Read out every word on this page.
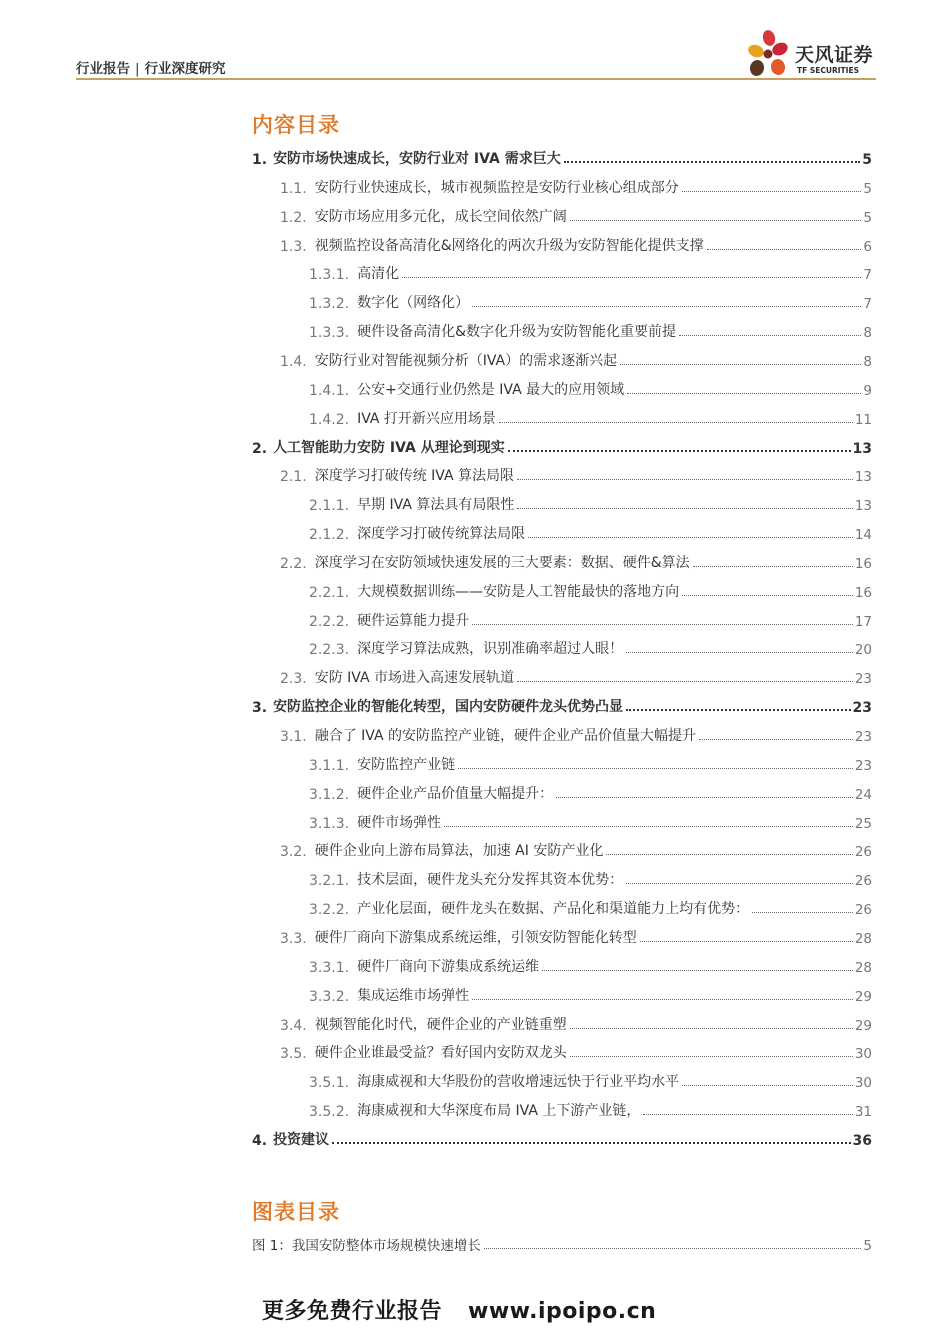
行业报告 | 行业深度研究
天风证券
TF SECURITIES
内容目录
1. 安防市场快速成长，安防行业对 IVA 需求巨大	5
1.1. 安防行业快速成长，城市视频监控是安防行业核心组成部分	5
1.2. 安防市场应用多元化，成长空间依然广阔	5
1.3. 视频监控设备高清化&网络化的两次升级为安防智能化提供支撑	6
1.3.1. 高清化	7
1.3.2. 数字化（网络化）	7
1.3.3. 硬件设备高清化&数字化升级为安防智能化重要前提	8
1.4. 安防行业对智能视频分析（IVA）的需求逐渐兴起	8
1.4.1. 公安+交通行业仍然是 IVA 最大的应用领域	9
1.4.2. IVA 打开新兴应用场景	11
2. 人工智能助力安防 IVA 从理论到现实	13
2.1. 深度学习打破传统 IVA 算法局限	13
2.1.1. 早期 IVA 算法具有局限性	13
2.1.2. 深度学习打破传统算法局限	14
2.2. 深度学习在安防领域快速发展的三大要素：数据、硬件&算法	16
2.2.1. 大规模数据训练——安防是人工智能最快的落地方向	16
2.2.2. 硬件运算能力提升	17
2.2.3. 深度学习算法成熟，识别准确率超过人眼！	20
2.3. 安防 IVA 市场进入高速发展轨道	23
3. 安防监控企业的智能化转型，国内安防硬件龙头优势凸显	23
3.1. 融合了 IVA 的安防监控产业链，硬件企业产品价值量大幅提升	23
3.1.1. 安防监控产业链	23
3.1.2. 硬件企业产品价值量大幅提升：	24
3.1.3. 硬件市场弹性	25
3.2. 硬件企业向上游布局算法，加速 AI 安防产业化	26
3.2.1. 技术层面，硬件龙头充分发挥其资本优势：	26
3.2.2. 产业化层面，硬件龙头在数据、产品化和渠道能力上均有优势：	26
3.3. 硬件厂商向下游集成系统运维，引领安防智能化转型	28
3.3.1. 硬件厂商向下游集成系统运维	28
3.3.2. 集成运维市场弹性	29
3.4. 视频智能化时代，硬件企业的产业链重塑	29
3.5. 硬件企业谁最受益？看好国内安防双龙头	30
3.5.1. 海康威视和大华股份的营收增速远快于行业平均水平	30
3.5.2. 海康威视和大华深度布局 IVA 上下游产业链，	31
4. 投资建议	36
图表目录
图 1：我国安防整体市场规模快速增长	5
更多免费行业报告 www.ipoipo.cn
